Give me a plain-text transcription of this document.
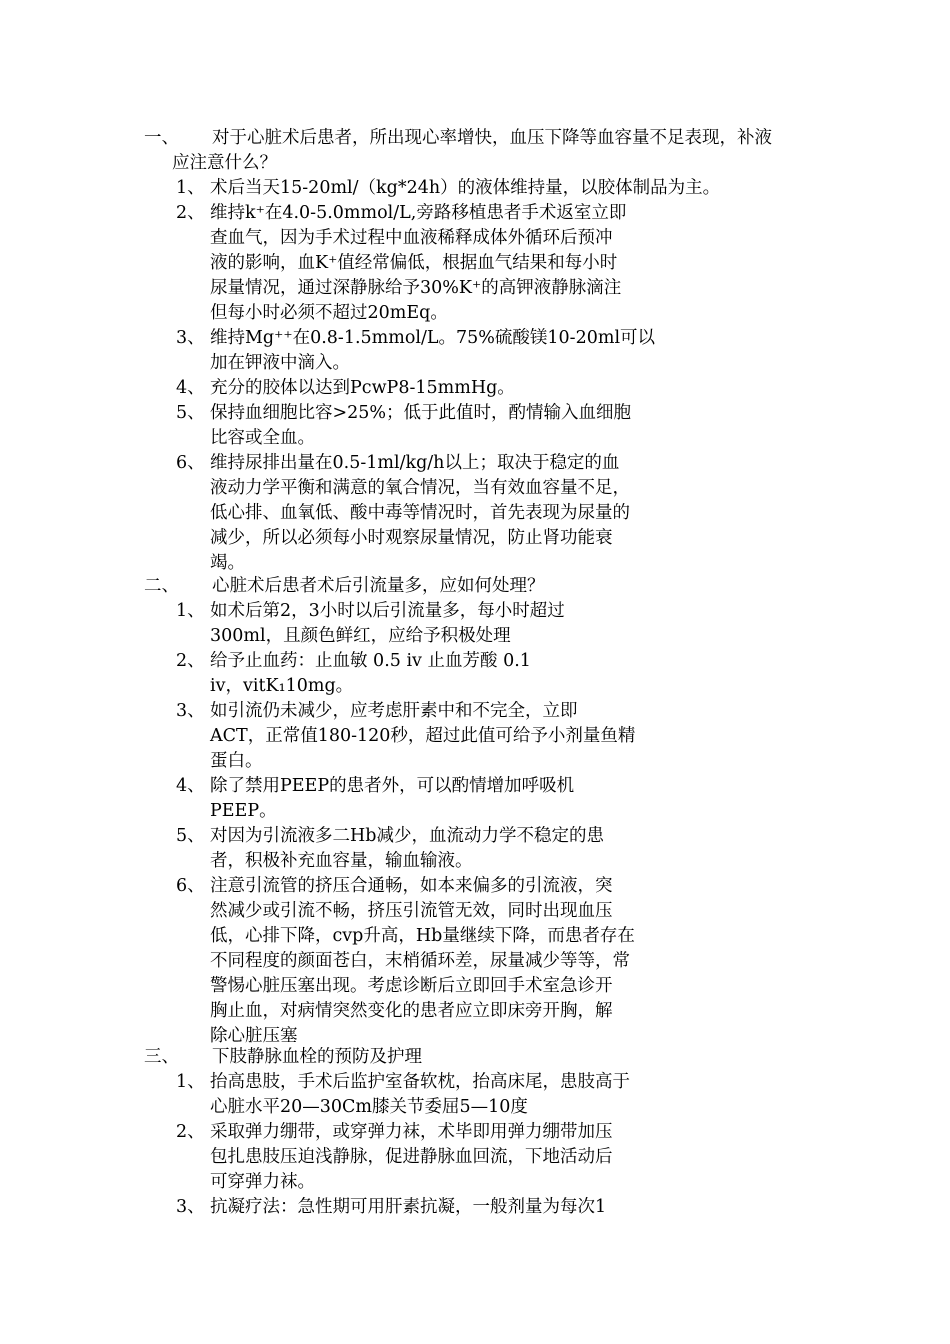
一、 对于心脏术后患者，所出现心率增快，血压下降等血容量不足表现，补液
应注意什么？
1、 术后当天15-20ml/（kg*24h）的液体维持量，以胶体制品为主。
2、 维持k⁺在4.0-5.0mmol/L,旁路移植患者手术返室立即
查血气，因为手术过程中血液稀释成体外循环后预冲
液的影响，血K⁺值经常偏低，根据血气结果和每小时
尿量情况，通过深静脉给予30%K⁺的高钾液静脉滴注
但每小时必须不超过20mEq。
3、 维持Mg⁺⁺在0.8-1.5mmol/L。75%硫酸镁10-20ml可以
加在钾液中滴入。
4、 充分的胶体以达到PcwP8-15mmHg。
5、 保持血细胞比容>25%；低于此值时，酌情输入血细胞
比容或全血。
6、 维持尿排出量在0.5-1ml/kg/h以上；取决于稳定的血
液动力学平衡和满意的氧合情况，当有效血容量不足，
低心排、血氧低、酸中毒等情况时，首先表现为尿量的
减少，所以必须每小时观察尿量情况，防止肾功能衰
竭。
二、 心脏术后患者术后引流量多，应如何处理？
1、 如术后第2，3小时以后引流量多，每小时超过
300ml，且颜色鲜红，应给予积极处理
2、 给予止血药：止血敏 0.5 iv 止血芳酸 0.1
iv，vitK₁10mg。
3、 如引流仍未减少，应考虑肝素中和不完全，立即
ACT，正常值180-120秒，超过此值可给予小剂量鱼精
蛋白。
4、 除了禁用PEEP的患者外，可以酌情增加呼吸机
PEEP。
5、 对因为引流液多二Hb减少，血流动力学不稳定的患
者，积极补充血容量，输血输液。
6、 注意引流管的挤压合通畅，如本来偏多的引流液，突
然减少或引流不畅，挤压引流管无效，同时出现血压
低，心排下降，cvp升高，Hb量继续下降，而患者存在
不同程度的颜面苍白，末梢循环差，尿量减少等等，常
警惕心脏压塞出现。考虑诊断后立即回手术室急诊开
胸止血，对病情突然变化的患者应立即床旁开胸，解
除心脏压塞
三、 下肢静脉血栓的预防及护理
1、 抬高患肢，手术后监护室备软枕，抬高床尾，患肢高于
心脏水平20—30Cm膝关节委屈5—10度
2、 采取弹力绷带，或穿弹力袜，术毕即用弹力绷带加压
包扎患肢压迫浅静脉，促进静脉血回流，下地活动后
可穿弹力袜。
3、 抗凝疗法：急性期可用肝素抗凝，一般剂量为每次1
